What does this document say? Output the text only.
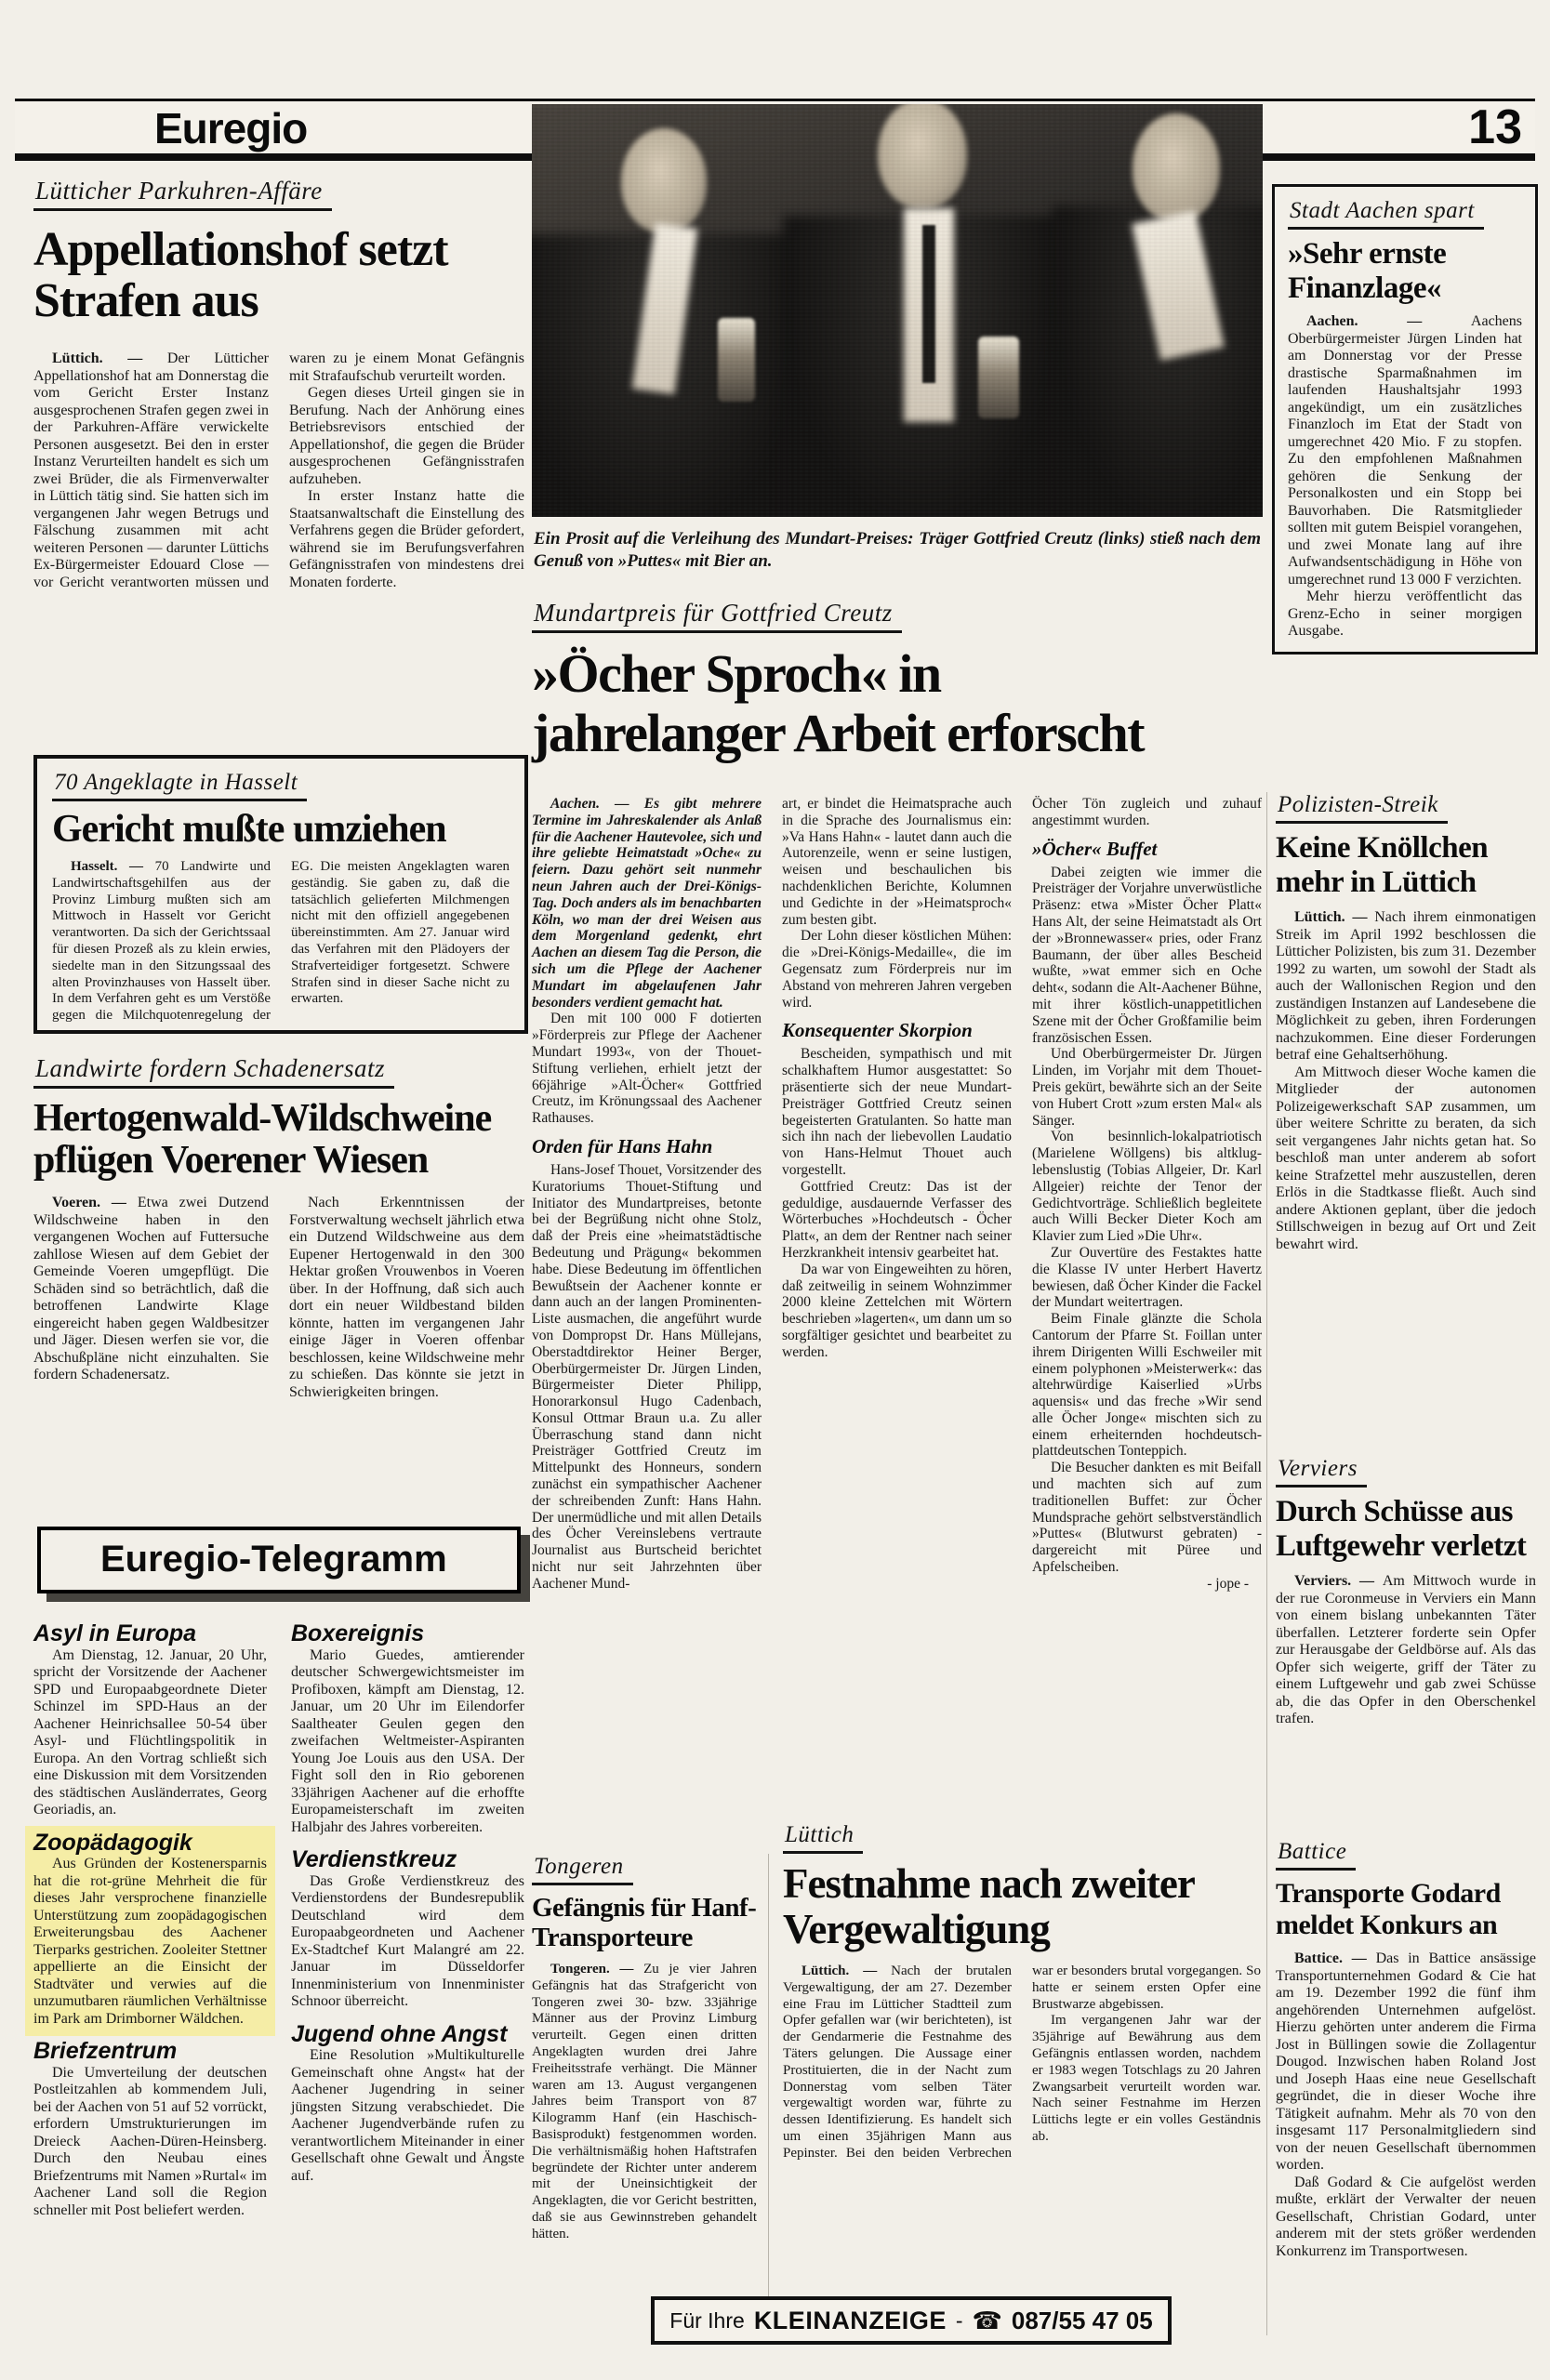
Euregio	13
Lütticher Parkuhren-Affäre
Appellationshof setzt Strafen aus

Lüttich. — Der Lütticher Appellationshof hat am Donnerstag die vom Gericht Erster Instanz ausgesprochenen Strafen gegen zwei in der Parkuhren-Affäre verwickelte Personen ausgesetzt. Bei den in erster Instanz Verurteilten handelt es sich um zwei Brüder, die als Firmenverwalter in Lüttich tätig sind. Sie hatten sich im vergangenen Jahr wegen Betrugs und Fälschung zusammen mit acht weiteren Personen — darunter Lüttichs Ex-Bürgermeister Edouard Close — vor Gericht verantworten müssen und waren zu je einem Monat Gefängnis mit Strafaufschub verurteilt worden.

Gegen dieses Urteil gingen sie in Berufung. Nach der Anhörung eines Betriebsrevisors entschied der Appellationshof, die gegen die Brüder ausgesprochenen Gefängnisstrafen aufzuheben.

In erster Instanz hatte die Staatsanwaltschaft die Einstellung des Verfahrens gegen die Brüder gefordert, während sie im Berufungsverfahren Gefängnisstrafen von mindestens drei Monaten forderte.

70 Angeklagte in Hasselt
Gericht mußte umziehen

Hasselt. — 70 Landwirte und Landwirtschaftsgehilfen aus der Provinz Limburg mußten sich am Mittwoch in Hasselt vor Gericht verantworten. Da sich der Gerichtssaal für diesen Prozeß als zu klein erwies, siedelte man in den Sitzungssaal des alten Provinzhauses von Hasselt über. In dem Verfahren geht es um Verstöße gegen die Milchquotenregelung der EG. Die meisten Angeklagten waren geständig. Sie gaben zu, daß die tatsächlich gelieferten Milchmengen nicht mit den offiziell angegebenen übereinstimmten. Am 27. Januar wird das Verfahren mit den Plädoyers der Strafverteidiger fortgesetzt. Schwere Strafen sind in dieser Sache nicht zu erwarten.

Landwirte fordern Schadenersatz
Hertogenwald-Wildschweine pflügen Voerener Wiesen

Voeren. — Etwa zwei Dutzend Wildschweine haben in den vergangenen Wochen auf Futtersuche zahllose Wiesen auf dem Gebiet der Gemeinde Voeren umgepflügt. Die Schäden sind so beträchtlich, daß die betroffenen Landwirte Klage eingereicht haben gegen Waldbesitzer und Jäger. Diesen werfen sie vor, die Abschußpläne nicht einzuhalten. Sie fordern Schadenersatz.

Nach Erkenntnissen der Forstverwaltung wechselt jährlich etwa ein Dutzend Wildschweine aus dem Eupener Hertogenwald in den 300 Hektar großen Vrouwenbos in Voeren über. In der Hoffnung, daß sich auch dort ein neuer Wildbestand bilden könnte, hatten im vergangenen Jahr einige Jäger in Voeren offenbar beschlossen, keine Wildschweine mehr zu schießen. Das könnte sie jetzt in Schwierigkeiten bringen.

Euregio-Telegramm
Asyl in Europa

Am Dienstag, 12. Januar, 20 Uhr, spricht der Vorsitzende der Aachener SPD und Europaabgeordnete Dieter Schinzel im SPD-Haus an der Aachener Heinrichsallee 50-54 über Asyl- und Flüchtlingspolitik in Europa. An den Vortrag schließt sich eine Diskussion mit dem Vorsitzenden des städtischen Ausländerrates, Georg Georiadis, an.

Zoopädagogik

Aus Gründen der Kostenersparnis hat die rot-grüne Mehrheit die für dieses Jahr versprochene finanzielle Unterstützung zum zoopädagogischen Erweiterungsbau des Aachener Tierparks gestrichen. Zooleiter Stettner appellierte an die Einsicht der Stadtväter und verwies auf die unzumutbaren räumlichen Verhältnisse im Park am Drimborner Wäldchen.

Briefzentrum

Die Umverteilung der deutschen Postleitzahlen ab kommendem Juli, bei der Aachen von 51 auf 52 vorrückt, erfordern Umstrukturierungen im Dreieck Aachen-Düren-Heinsberg. Durch den Neubau eines Briefzentrums mit Namen »Rurtal« im Aachener Land soll die Region schneller mit Post beliefert werden.

Boxereignis

Mario Guedes, amtierender deutscher Schwergewichtsmeister im Profiboxen, kämpft am Dienstag, 12. Januar, um 20 Uhr im Eilendorfer Saaltheater Geulen gegen den zweifachen Weltmeister-Aspiranten Young Joe Louis aus den USA. Der Fight soll den in Rio geborenen 33jährigen Aachener auf die erhoffte Europameisterschaft im zweiten Halbjahr des Jahres vorbereiten.

Verdienstkreuz

Das Große Verdienstkreuz des Verdienstordens der Bundesrepublik Deutschland wird dem Europaabgeordneten und Aachener Ex-Stadtchef Kurt Malangré am 22. Januar im Düsseldorfer Innenministerium von Innenminister Schnoor überreicht.

Jugend ohne Angst

Eine Resolution »Multikulturelle Gemeinschaft ohne Angst« hat der Aachener Jugendring in seiner jüngsten Sitzung verabschiedet. Die Aachener Jugendverbände rufen zu verantwortlichem Miteinander in einer Gesellschaft ohne Gewalt und Ängste auf.

Ein Prosit auf die Verleihung des Mundart-Preises: Träger Gottfried Creutz (links) stieß nach dem Genuß von »Puttes« mit Bier an.
Mundartpreis für Gottfried Creutz
»Öcher Sproch« in
jahrelanger Arbeit erforscht

Aachen. — Es gibt mehrere Termine im Jahreskalender als Anlaß für die Aachener Hautevolee, sich und ihre geliebte Heimatstadt »Oche« zu feiern. Dazu gehört seit nunmehr neun Jahren auch der Drei-Königs-Tag. Doch anders als im benachbarten Köln, wo man der drei Weisen aus dem Morgenland gedenkt, ehrt Aachen an diesem Tag die Person, die sich um die Pflege der Aachener Mundart im abgelaufenen Jahr besonders verdient gemacht hat.

Den mit 100 000 F dotierten »Förderpreis zur Pflege der Aachener Mundart 1993«, von der Thouet-Stiftung verliehen, erhielt jetzt der 66jährige »Alt-Öcher« Gottfried Creutz, im Krönungssaal des Aachener Rathauses.

Orden für Hans Hahn

Hans-Josef Thouet, Vorsitzender des Kuratoriums Thouet-Stiftung und Initiator des Mundartpreises, betonte bei der Begrüßung nicht ohne Stolz, daß der Preis eine »heimatstädtische Bedeutung und Prägung« bekommen habe. Diese Bedeutung im öffentlichen Bewußtsein der Aachener konnte er dann auch an der langen Prominenten-Liste ausmachen, die angeführt wurde von Dompropst Dr. Hans Müllejans, Oberstadtdirektor Heiner Berger, Oberbürgermeister Dr. Jürgen Linden, Bürgermeister Dieter Philipp, Honorarkonsul Hugo Cadenbach, Konsul Ottmar Braun u.a. Zu aller Überraschung stand dann nicht Preisträger Gottfried Creutz im Mittelpunkt des Honneurs, sondern zunächst ein sympathischer Aachener der schreibenden Zunft: Hans Hahn. Der unermüdliche und mit allen Details des Öcher Vereinslebens vertraute Journalist aus Burtscheid berichtet nicht nur seit Jahrzehnten über Aachener Mund-

art, er bindet die Heimatsprache auch in die Sprache des Journalismus ein: »Va Hans Hahn« - lautet dann auch die Autorenzeile, wenn er seine lustigen, weisen und beschaulichen bis nachdenklichen Berichte, Kolumnen und Gedichte in der »Heimatsproch« zum besten gibt.

Der Lohn dieser köstlichen Mühen: die »Drei-Königs-Medaille«, die im Gegensatz zum Förderpreis nur im Abstand von mehreren Jahren vergeben wird.

Konsequenter Skorpion

Bescheiden, sympathisch und mit schalkhaftem Humor ausgestattet: So präsentierte sich der neue Mundart-Preisträger Gottfried Creutz seinen begeisterten Gratulanten. So hatte man sich ihn nach der liebevollen Laudatio von Hans-Helmut Thouet auch vorgestellt.

Gottfried Creutz: Das ist der geduldige, ausdauernde Verfasser des Wörterbuches »Hochdeutsch - Öcher Platt«, an dem der Rentner nach seiner Herzkrankheit intensiv gearbeitet hat.

Da war von Eingeweihten zu hören, daß zeitweilig in seinem Wohnzimmer 2000 kleine Zettelchen mit Wörtern beschrieben »lagerten«, um dann um so sorgfältiger gesichtet und bearbeitet zu werden.

Öcher Tön zugleich und zuhauf angestimmt wurden.

»Öcher« Buffet

Dabei zeigten wie immer die Preisträger der Vorjahre unverwüstliche Präsenz: etwa »Mister Öcher Platt« Hans Alt, der seine Heimatstadt als Ort der »Bronnewasser« pries, oder Franz Baumann, der über alles Bescheid wußte, »wat emmer sich en Oche deht«, sodann die Alt-Aachener Bühne, mit ihrer köstlich-unappetitlichen Szene mit der Öcher Großfamilie beim französischen Essen.

Und Oberbürgermeister Dr. Jürgen Linden, im Vorjahr mit dem Thouet-Preis gekürt, bewährte sich an der Seite von Hubert Crott »zum ersten Mal« als Sänger.

Von besinnlich-lokalpatriotisch (Marielene Wöllgens) bis altklug-lebenslustig (Tobias Allgeier, Dr. Karl Allgeier) reichte der Tenor der Gedichtvorträge. Schließlich begleitete auch Willi Becker Dieter Koch am Klavier zum Lied »Die Uhr«.

Zur Ouvertüre des Festaktes hatte die Klasse IV unter Herbert Havertz bewiesen, daß Öcher Kinder die Fackel der Mundart weitertragen.

Beim Finale glänzte die Schola Cantorum der Pfarre St. Foillan unter ihrem Dirigenten Willi Eschweiler mit einem polyphonen »Meisterwerk«: das altehrwürdige Kaiserlied »Urbs aquensis« und das freche »Wir send alle Öcher Jonge« mischten sich zu einem erheiternden hochdeutsch-plattdeutschen Tonteppich.

Die Besucher dankten es mit Beifall und machten sich auf zum traditionellen Buffet: zur Öcher Mundsprache gehört selbstverständlich »Puttes« (Blutwurst gebraten) - dargereicht mit Püree und Apfelscheiben.

- jope -

Tongeren
Gefängnis für Hanf-Transporteure

Tongeren. — Zu je vier Jahren Gefängnis hat das Strafgericht von Tongeren zwei 30- bzw. 33jährige Männer aus der Provinz Limburg verurteilt. Gegen einen dritten Angeklagten wurden drei Jahre Freiheitsstrafe verhängt. Die Männer waren am 13. August vergangenen Jahres beim Transport von 87 Kilogramm Hanf (ein Haschisch-Basisprodukt) festgenommen worden. Die verhältnismäßig hohen Haftstrafen begründete der Richter unter anderem mit der Uneinsichtigkeit der Angeklagten, die vor Gericht bestritten, daß sie aus Gewinnstreben gehandelt hätten.

Lüttich
Festnahme nach zweiter Vergewaltigung

Lüttich. — Nach der brutalen Vergewaltigung, der am 27. Dezember eine Frau im Lütticher Stadtteil zum Opfer gefallen war (wir berichteten), ist der Gendarmerie die Festnahme des Täters gelungen. Die Aussage einer Prostituierten, die in der Nacht zum Donnerstag vom selben Täter vergewaltigt worden war, führte zu dessen Identifizierung. Es handelt sich um einen 35jährigen Mann aus Pepinster. Bei den beiden Verbrechen war er besonders brutal vorgegangen. So hatte er seinem ersten Opfer eine Brustwarze abgebissen.

Im vergangenen Jahr war der 35jährige auf Bewährung aus dem Gefängnis entlassen worden, nachdem er 1983 wegen Totschlags zu 20 Jahren Zwangsarbeit verurteilt worden war. Nach seiner Festnahme im Herzen Lüttichs legte er ein volles Geständnis ab.

Stadt Aachen spart
»Sehr ernste Finanzlage«

Aachen. — Aachens Oberbürgermeister Jürgen Linden hat am Donnerstag vor der Presse drastische Sparmaßnahmen im laufenden Haushaltsjahr 1993 angekündigt, um ein zusätzliches Finanzloch im Etat der Stadt von umgerechnet 420 Mio. F zu stopfen. Zu den empfohlenen Maßnahmen gehören die Senkung der Personalkosten und ein Stopp bei Bauvorhaben. Die Ratsmitglieder sollten mit gutem Beispiel vorangehen, und zwei Monate lang auf ihre Aufwandsentschädigung in Höhe von umgerechnet rund 13 000 F verzichten.

Mehr hierzu veröffentlicht das Grenz-Echo in seiner morgigen Ausgabe.

Polizisten-Streik
Keine Knöllchen mehr in Lüttich

Lüttich. — Nach ihrem einmonatigen Streik im April 1992 beschlossen die Lütticher Polizisten, bis zum 31. Dezember 1992 zu warten, um sowohl der Stadt als auch der Wallonischen Region und den zuständigen Instanzen auf Landesebene die Möglichkeit zu geben, ihren Forderungen nachzukommen. Eine dieser Forderungen betraf eine Gehaltserhöhung.

Am Mittwoch dieser Woche kamen die Mitglieder der autonomen Polizeigewerkschaft SAP zusammen, um über weitere Schritte zu beraten, da sich seit vergangenes Jahr nichts getan hat. So beschloß man unter anderem ab sofort keine Strafzettel mehr auszustellen, deren Erlös in die Stadtkasse fließt. Auch sind andere Aktionen geplant, über die jedoch Stillschweigen in bezug auf Ort und Zeit bewahrt wird.

Verviers
Durch Schüsse aus Luftgewehr verletzt

Verviers. — Am Mittwoch wurde in der rue Coronmeuse in Verviers ein Mann von einem bislang unbekannten Täter überfallen. Letzterer forderte sein Opfer zur Herausgabe der Geldbörse auf. Als das Opfer sich weigerte, griff der Täter zu einem Luftgewehr und gab zwei Schüsse ab, die das Opfer in den Oberschenkel trafen.

Battice
Transporte Godard meldet Konkurs an

Battice. — Das in Battice ansässige Transportunternehmen Godard & Cie hat am 19. Dezember 1992 die fünf ihm angehörenden Unternehmen aufgelöst. Hierzu gehörten unter anderem die Firma Jost in Büllingen sowie die Zollagentur Dougod. Inzwischen haben Roland Jost und Joseph Haas eine neue Gesellschaft gegründet, die in dieser Woche ihre Tätigkeit aufnahm. Mehr als 70 von den insgesamt 117 Personalmitgliedern sind von der neuen Gesellschaft übernommen worden.

Daß Godard & Cie aufgelöst werden mußte, erklärt der Verwalter der neuen Gesellschaft, Christian Godard, unter anderem mit der stets größer werdenden Konkurrenz im Transportwesen.

Für Ihre KLEINANZEIGE - ☎ 087/55 47 05
